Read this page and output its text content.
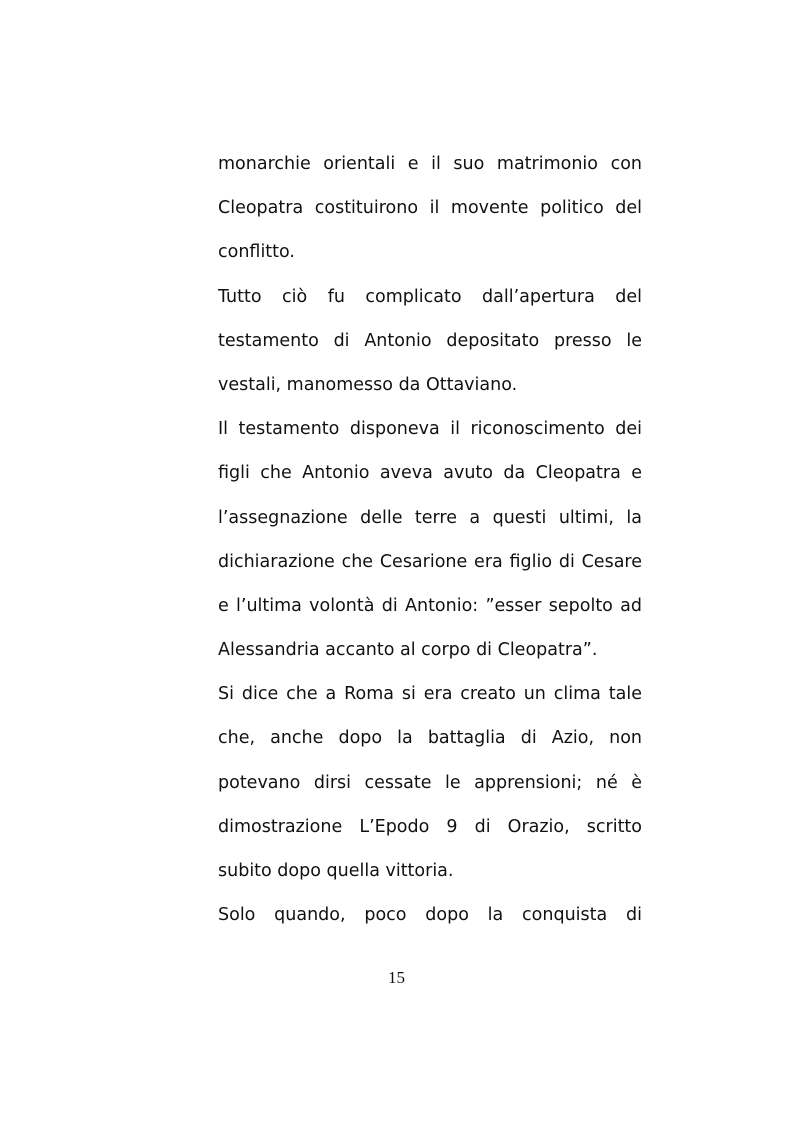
monarchie orientali e il suo matrimonio con
Cleopatra costituirono il movente politico del
conflitto.

Tutto ciò fu complicato dall’apertura del
testamento di Antonio depositato presso le
vestali, manomesso da Ottaviano.

Il testamento disponeva il riconoscimento dei
figli che Antonio aveva avuto da Cleopatra e
l’assegnazione delle terre a questi ultimi, la
dichiarazione che Cesarione era figlio di Cesare
e l’ultima volontà di Antonio: ”esser sepolto ad
Alessandria accanto al corpo di Cleopatra”.

Si dice che a Roma si era creato un clima tale
che, anche dopo la battaglia di Azio, non
potevano dirsi cessate le apprensioni; né è
dimostrazione L’Epodo 9 di Orazio, scritto
subito dopo quella vittoria.

Solo quando, poco dopo la conquista di

15
